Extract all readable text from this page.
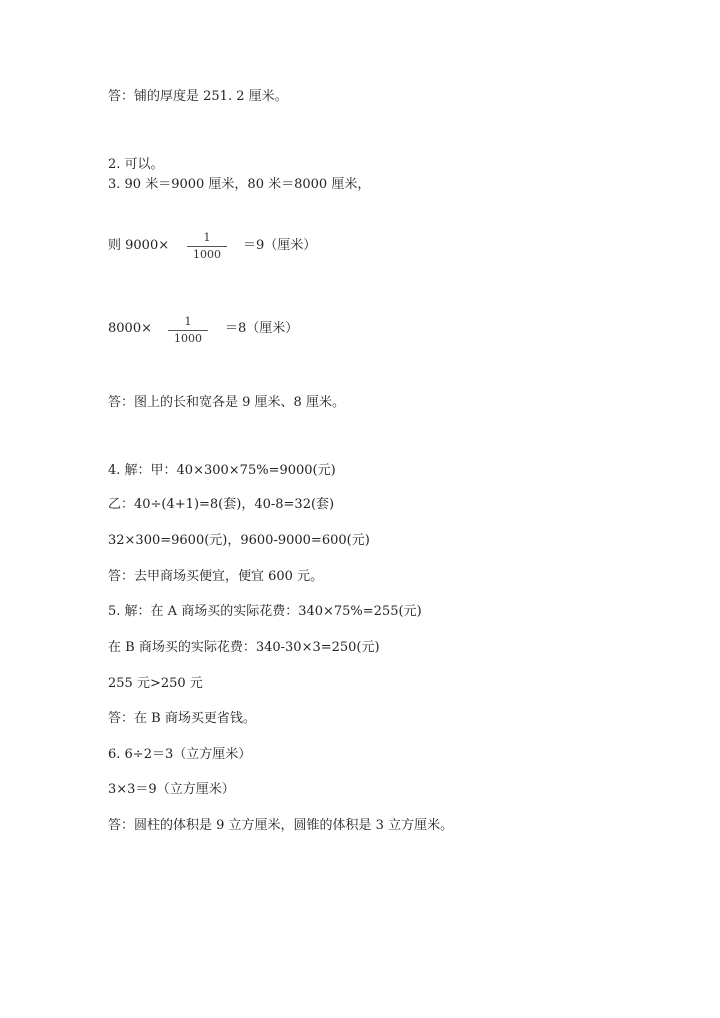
答：铺的厚度是 251. 2 厘米。
2. 可以。
3. 90 米＝9000 厘米，80 米＝8000 厘米，
则 9000×
1
1000
＝9（厘米）
8000×	1
1000
＝8（厘米）
答：图上的长和宽各是 9 厘米、8 厘米。
4. 解：甲：40×300×75%=9000(元)
乙：40÷(4+1)=8(套)，40-8=32(套)
32×300=9600(元)，9600-9000=600(元)
答：去甲商场买便宜，便宜 600 元。
5. 解：在 A 商场买的实际花费：340×75%=255(元)
在 B 商场买的实际花费：340-30×3=250(元)
255 元>250 元
答：在 B 商场买更省钱。
6. 6÷2＝3（立方厘米）
3×3＝9（立方厘米）
答：圆柱的体积是 9 立方厘米，圆锥的体积是 3 立方厘米。
